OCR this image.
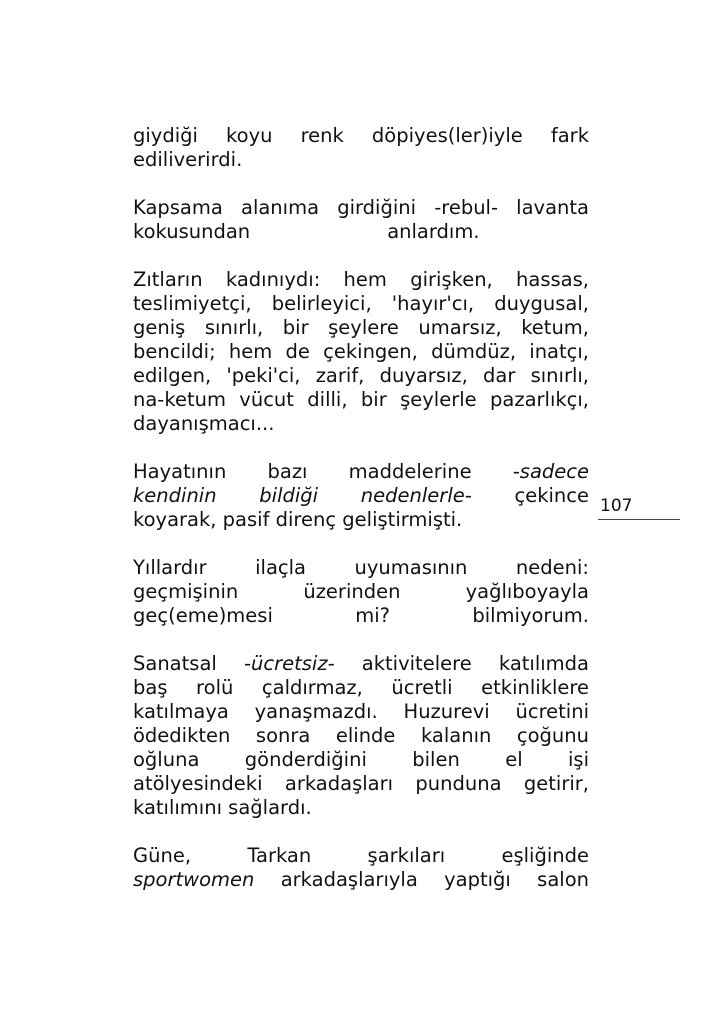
giydiği koyu renk döpiyes(ler)iyle fark
ediliverirdi.
Kapsama alanıma girdiğini -rebul- lavanta
kokusundan anlardım.
Zıtların kadınıydı: hem girişken, hassas,
teslimiyetçi, belirleyici, 'hayır'cı, duygusal,
geniş sınırlı, bir şeylere umarsız, ketum,
bencildi; hem de çekingen, dümdüz, inatçı,
edilgen, 'peki'ci, zarif, duyarsız, dar sınırlı,
na-ketum vücut dilli, bir şeylerle pazarlıkçı,
dayanışmacı...
Hayatının bazı maddelerine -sadece
kendinin bildiği nedenlerle- çekince
koyarak, pasif direnç geliştirmişti.
Yıllardır ilaçla uyumasının nedeni:
geçmişinin üzerinden yağlıboyayla
geç(eme)mesi mi? bilmiyorum.
Sanatsal -ücretsiz- aktivitelere katılımda
baş rolü çaldırmaz, ücretli etkinliklere
katılmaya yanaşmazdı. Huzurevi ücretini
ödedikten sonra elinde kalanın çoğunu
oğluna gönderdiğini bilen el işi
atölyesindeki arkadaşları punduna getirir,
katılımını sağlardı.
Güne, Tarkan şarkıları eşliğinde
sportwomen arkadaşlarıyla yaptığı salon
107
